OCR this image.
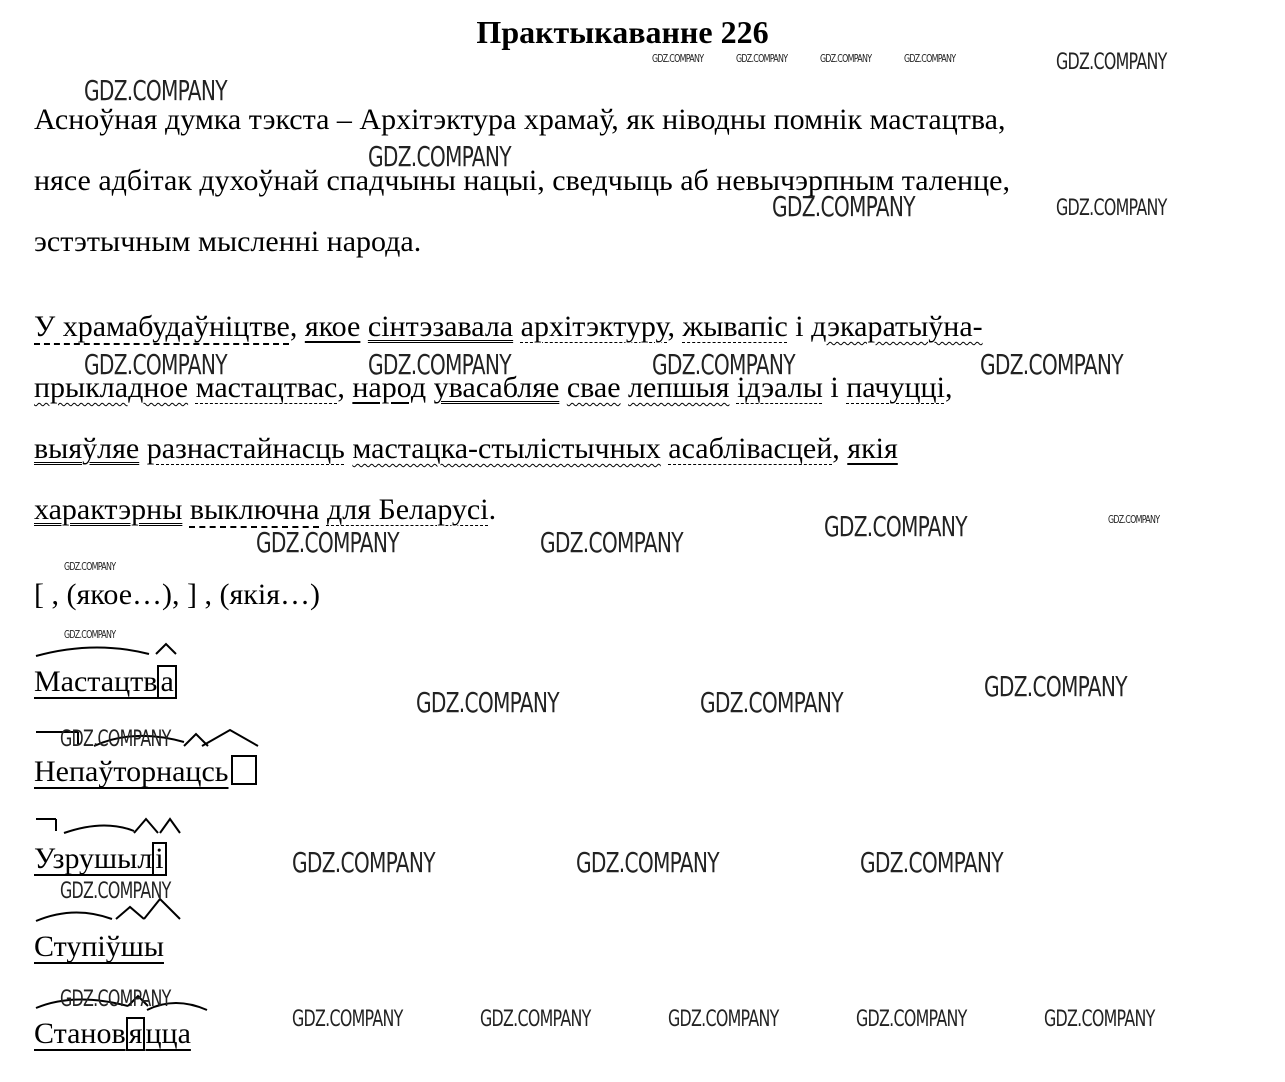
Практыкаванне 226
Асноўная думка тэкста – Архітэктура храмаў, як ніводны помнік мастацтва,
нясе адбітак духоўнай спадчыны нацыі, сведчыць аб невычэрпным таленце,
эстэтычным мысленні народа.
У храмабудаўніцтве, якое сінтэзавала архітэктуру, жывапіс і дэкаратыўна-
прыкладное мастацтвас, народ увасабляе свае лепшыя ідэалы і пачуцці,
выяўляе разнастайнасць мастацка-стылістычных асаблівасцей, якія
характэрны выключна для Беларусі.
[ , (якое…), ] , (якія…)
Мастацтв а
Непаўторнацсь
Узрушыл і
Ступіўшы
Станов я цца
GDZ.COMPANY	GDZ.COMPANY	GDZ.COMPANY	GDZ.COMPANY	GDZ.COMPANY
GDZ.COMPANY
GDZ.COMPANY
GDZ.COMPANY	GDZ.COMPANY
GDZ.COMPANY	GDZ.COMPANY	GDZ.COMPANY	GDZ.COMPANY
GDZ.COMPANY	GDZ.COMPANY
GDZ.COMPANY	GDZ.COMPANY
GDZ.COMPANY
GDZ.COMPANY
GDZ.COMPANY
GDZ.COMPANY	GDZ.COMPANY
GDZ.COMPANY
GDZ.COMPANY	GDZ.COMPANY	GDZ.COMPANY
GDZ.COMPANY
GDZ.COMPANY
GDZ.COMPANY	GDZ.COMPANY	GDZ.COMPANY	GDZ.COMPANY	GDZ.COMPANY
